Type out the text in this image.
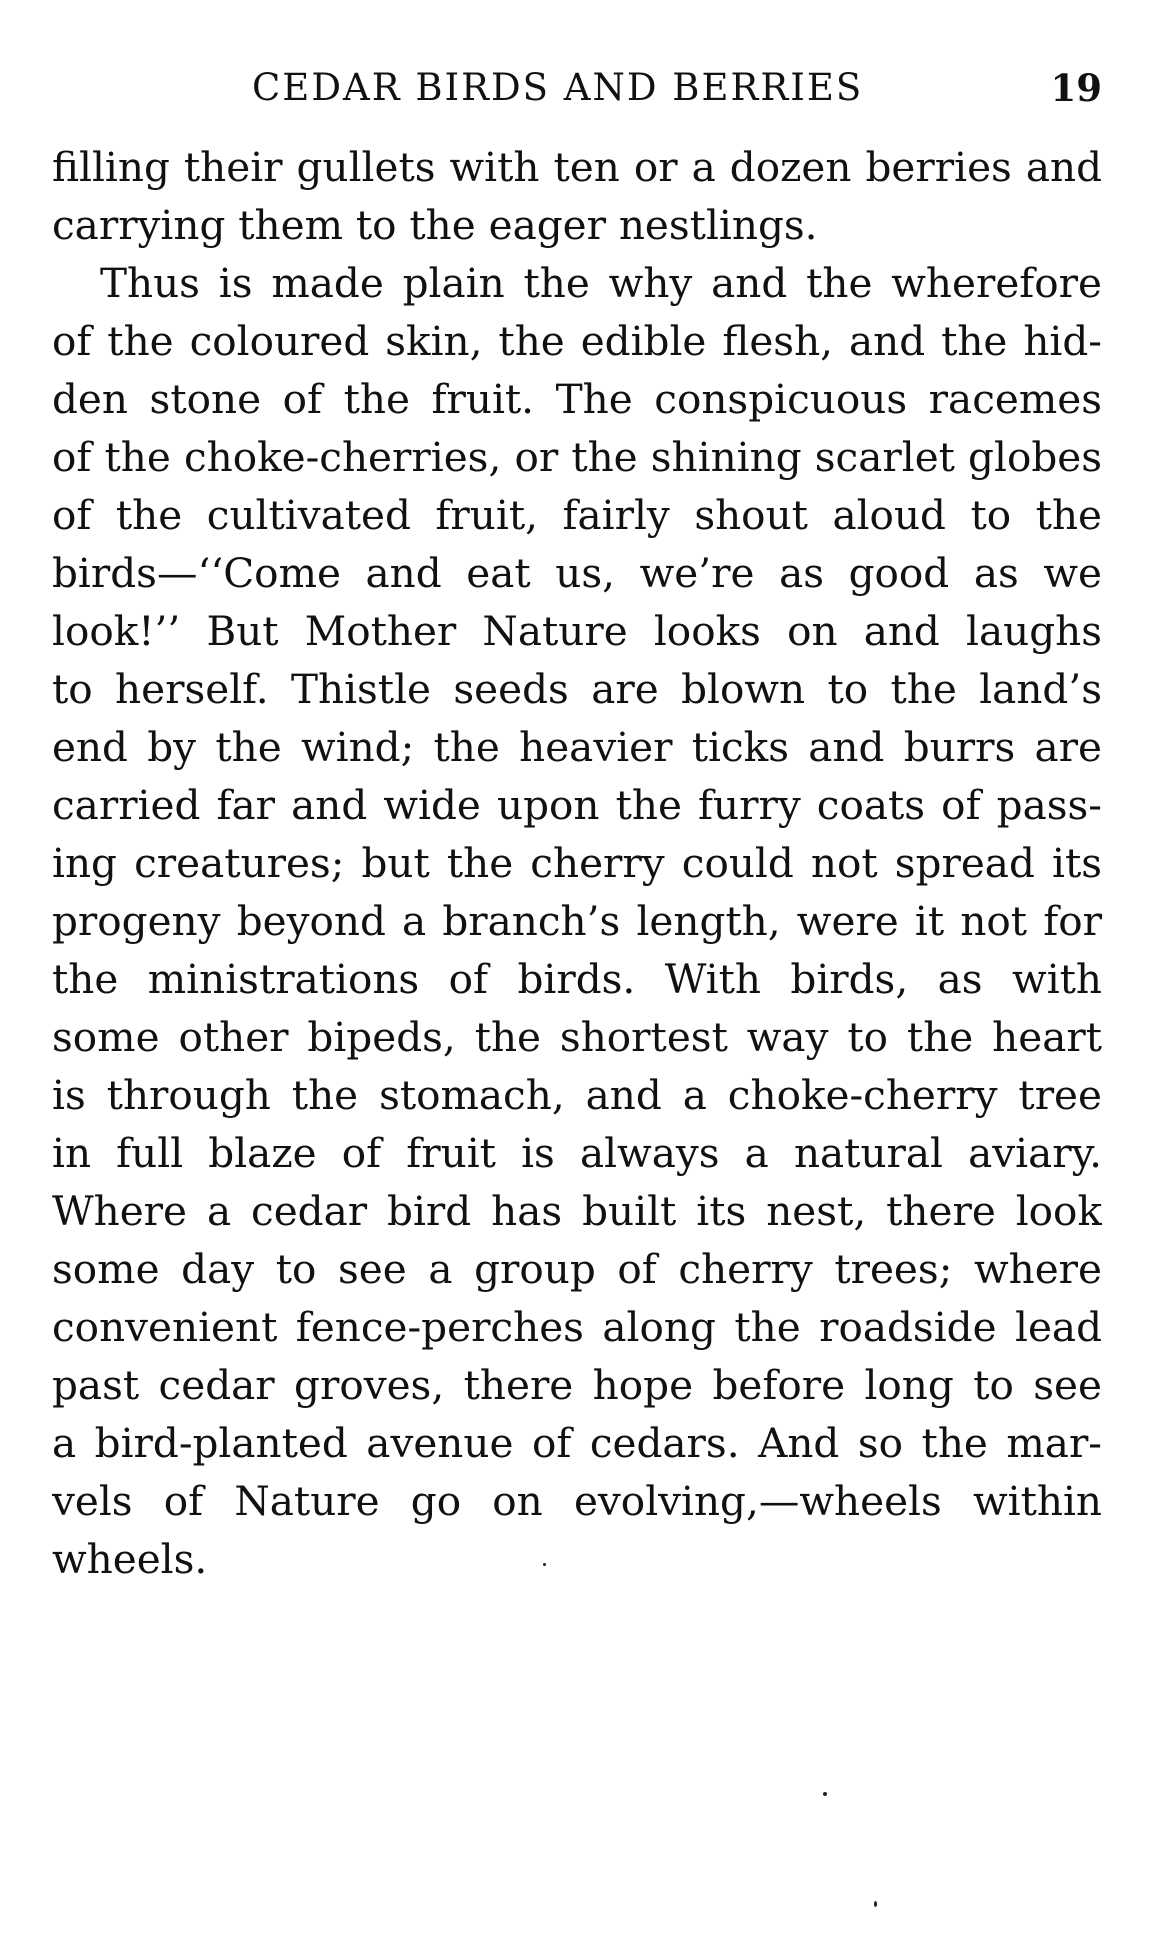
CEDAR BIRDS AND BERRIES	19
filling their gullets with ten or a dozen berries and
carrying them to the eager nestlings.
Thus is made plain the why and the wherefore
of the coloured skin, the edible flesh, and the hid-
den stone of the fruit. The conspicuous racemes
of the choke-cherries, or the shining scarlet globes
of the cultivated fruit, fairly shout aloud to the
birds—‘‘Come and eat us, we’re as good as we
look!’’ But Mother Nature looks on and laughs
to herself. Thistle seeds are blown to the land’s
end by the wind; the heavier ticks and burrs are
carried far and wide upon the furry coats of pass-
ing creatures; but the cherry could not spread its
progeny beyond a branch’s length, were it not for
the ministrations of birds. With birds, as with
some other bipeds, the shortest way to the heart
is through the stomach, and a choke-cherry tree
in full blaze of fruit is always a natural aviary.
Where a cedar bird has built its nest, there look
some day to see a group of cherry trees; where
convenient fence-perches along the roadside lead
past cedar groves, there hope before long to see
a bird-planted avenue of cedars. And so the mar-
vels of Nature go on evolving,—wheels within
wheels.
